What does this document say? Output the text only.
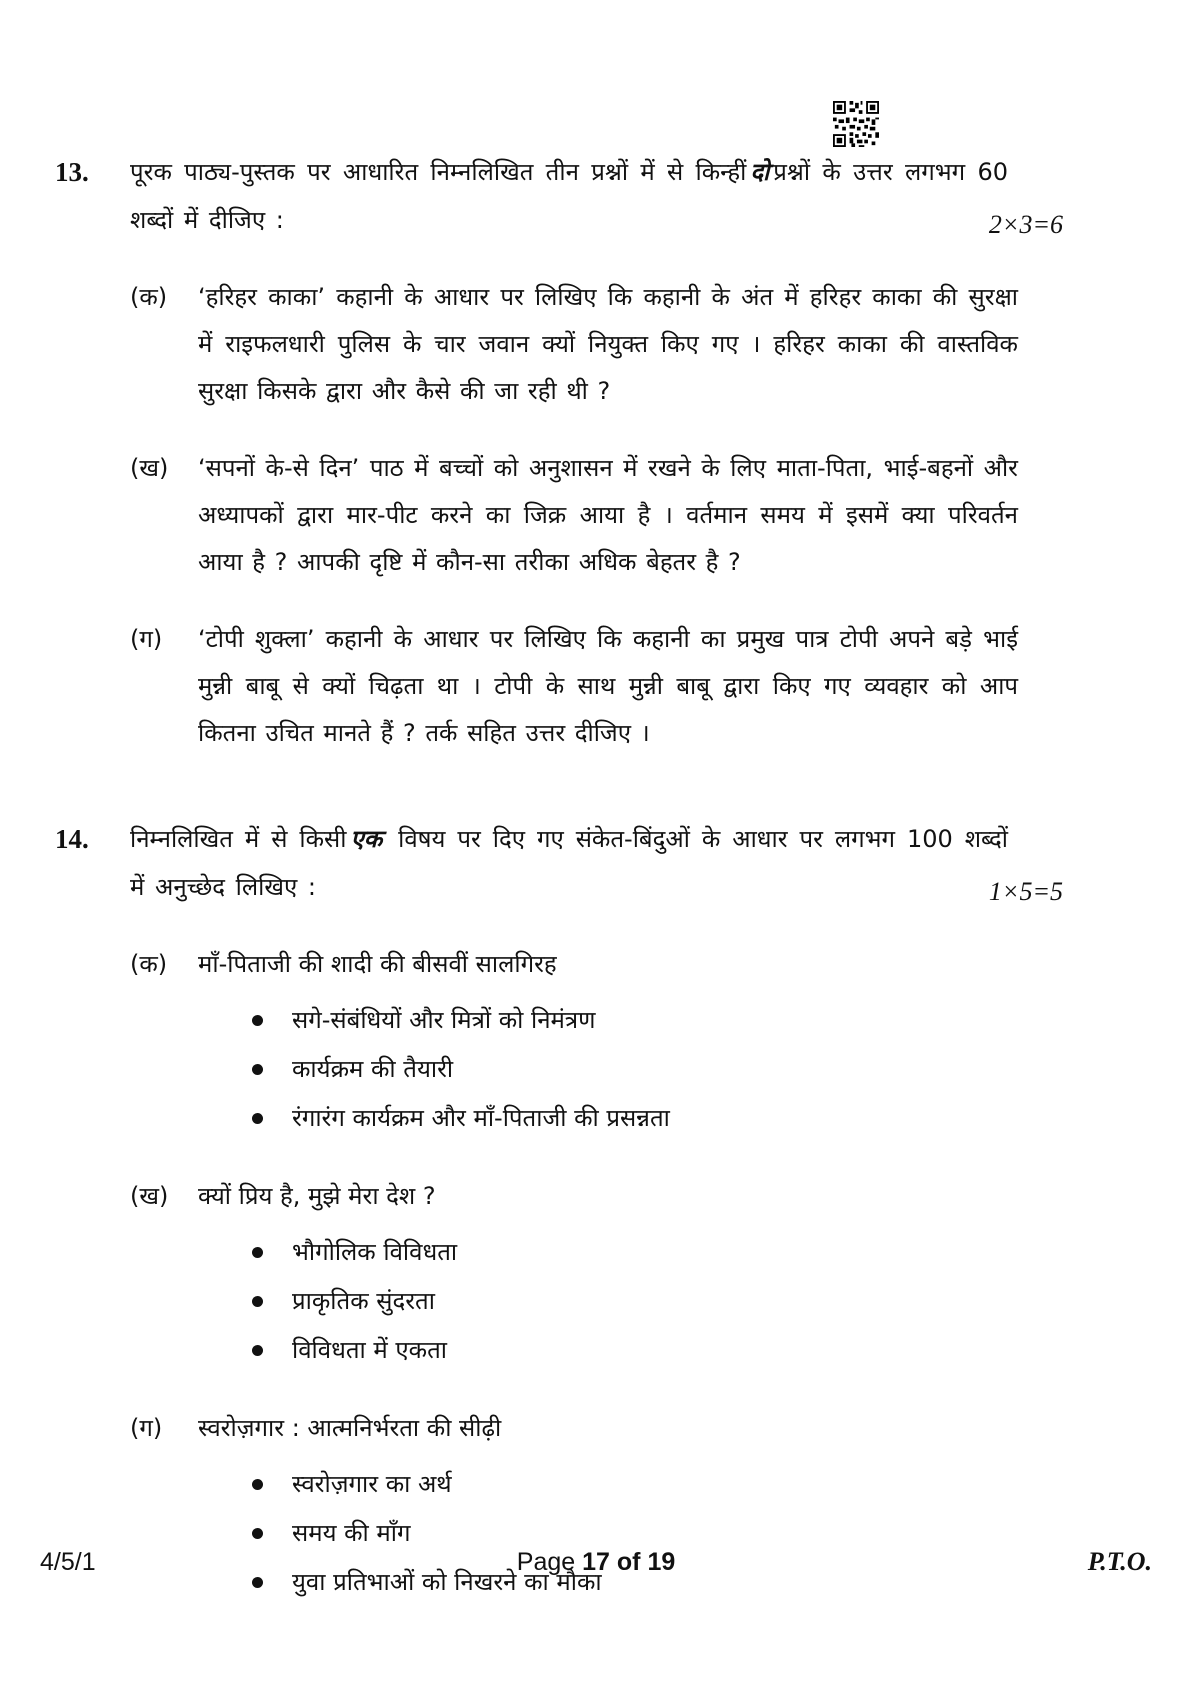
13.	पूरक पाठ्य-पुस्तक पर आधारित निम्नलिखित तीन प्रश्नों में से किन्हीं दो प्रश्नों के उत्तर लगभग 60 शब्दों में दीजिए :	2×3=6
(क)	‘हरिहर काका’ कहानी के आधार पर लिखिए कि कहानी के अंत में हरिहर काका की सुरक्षा में राइफलधारी पुलिस के चार जवान क्यों नियुक्त किए गए । हरिहर काका की वास्तविक सुरक्षा किसके द्वारा और कैसे की जा रही थी ?

(ख)	‘सपनों के-से दिन’ पाठ में बच्चों को अनुशासन में रखने के लिए माता-पिता, भाई-बहनों और अध्यापकों द्वारा मार-पीट करने का जिक्र आया है । वर्तमान समय में इसमें क्या परिवर्तन आया है ? आपकी दृष्टि में कौन-सा तरीका अधिक बेहतर है ?

(ग)	‘टोपी शुक्ला’ कहानी के आधार पर लिखिए कि कहानी का प्रमुख पात्र टोपी अपने बड़े भाई मुन्नी बाबू से क्यों चिढ़ता था । टोपी के साथ मुन्नी बाबू द्वारा किए गए व्यवहार को आप कितना उचित मानते हैं ? तर्क सहित उत्तर दीजिए ।

14.	निम्नलिखित में से किसी एक विषय पर दिए गए संकेत-बिंदुओं के आधार पर लगभग 100 शब्दों में अनुच्छेद लिखिए :	1×5=5
(क)	माँ-पिताजी की शादी की बीसवीं सालगिरह

सगे-संबंधियों और मित्रों को निमंत्रण
कार्यक्रम की तैयारी
रंगारंग कार्यक्रम और माँ-पिताजी की प्रसन्नता
(ख)	क्यों प्रिय है, मुझे मेरा देश ?

भौगोलिक विविधता
प्राकृतिक सुंदरता
विविधता में एकता
(ग)	स्वरोज़गार : आत्मनिर्भरता की सीढ़ी

स्वरोज़गार का अर्थ
समय की माँग
युवा प्रतिभाओं को निखरने का मौका
4/5/1	Page 17 of 19	P.T.O.
